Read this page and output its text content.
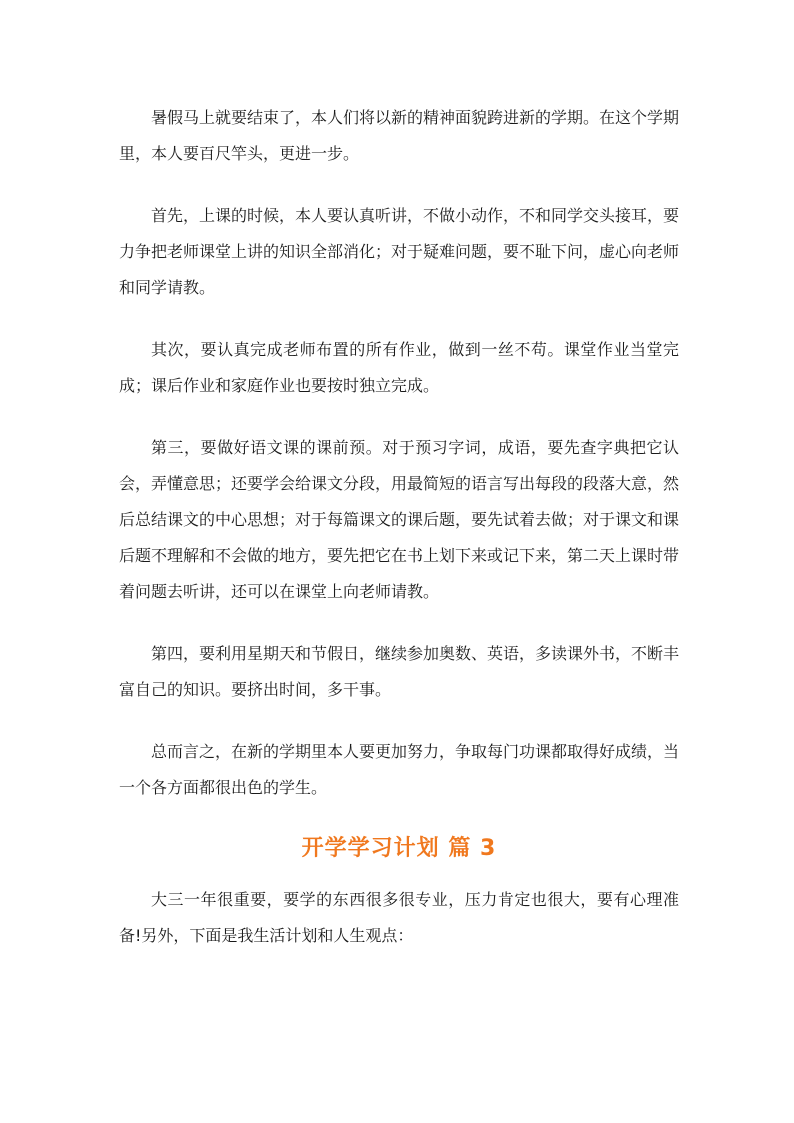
暑假马上就要结束了，本人们将以新的精神面貌跨进新的学期。在这个学期里，本人要百尺竿头，更进一步。

首先，上课的时候，本人要认真听讲，不做小动作，不和同学交头接耳，要力争把老师课堂上讲的知识全部消化；对于疑难问题，要不耻下问，虚心向老师和同学请教。

其次，要认真完成老师布置的所有作业，做到一丝不苟。课堂作业当堂完成；课后作业和家庭作业也要按时独立完成。

第三，要做好语文课的课前预。对于预习字词，成语，要先查字典把它认会，弄懂意思；还要学会给课文分段，用最简短的语言写出每段的段落大意，然后总结课文的中心思想；对于每篇课文的课后题，要先试着去做；对于课文和课后题不理解和不会做的地方，要先把它在书上划下来或记下来，第二天上课时带着问题去听讲，还可以在课堂上向老师请教。

第四，要利用星期天和节假日，继续参加奥数、英语，多读课外书，不断丰富自己的知识。要挤出时间，多干事。

总而言之，在新的学期里本人要更加努力，争取每门功课都取得好成绩，当一个各方面都很出色的学生。

开学学习计划 篇 3

大三一年很重要，要学的东西很多很专业，压力肯定也很大，要有心理准备!另外，下面是我生活计划和人生观点：
